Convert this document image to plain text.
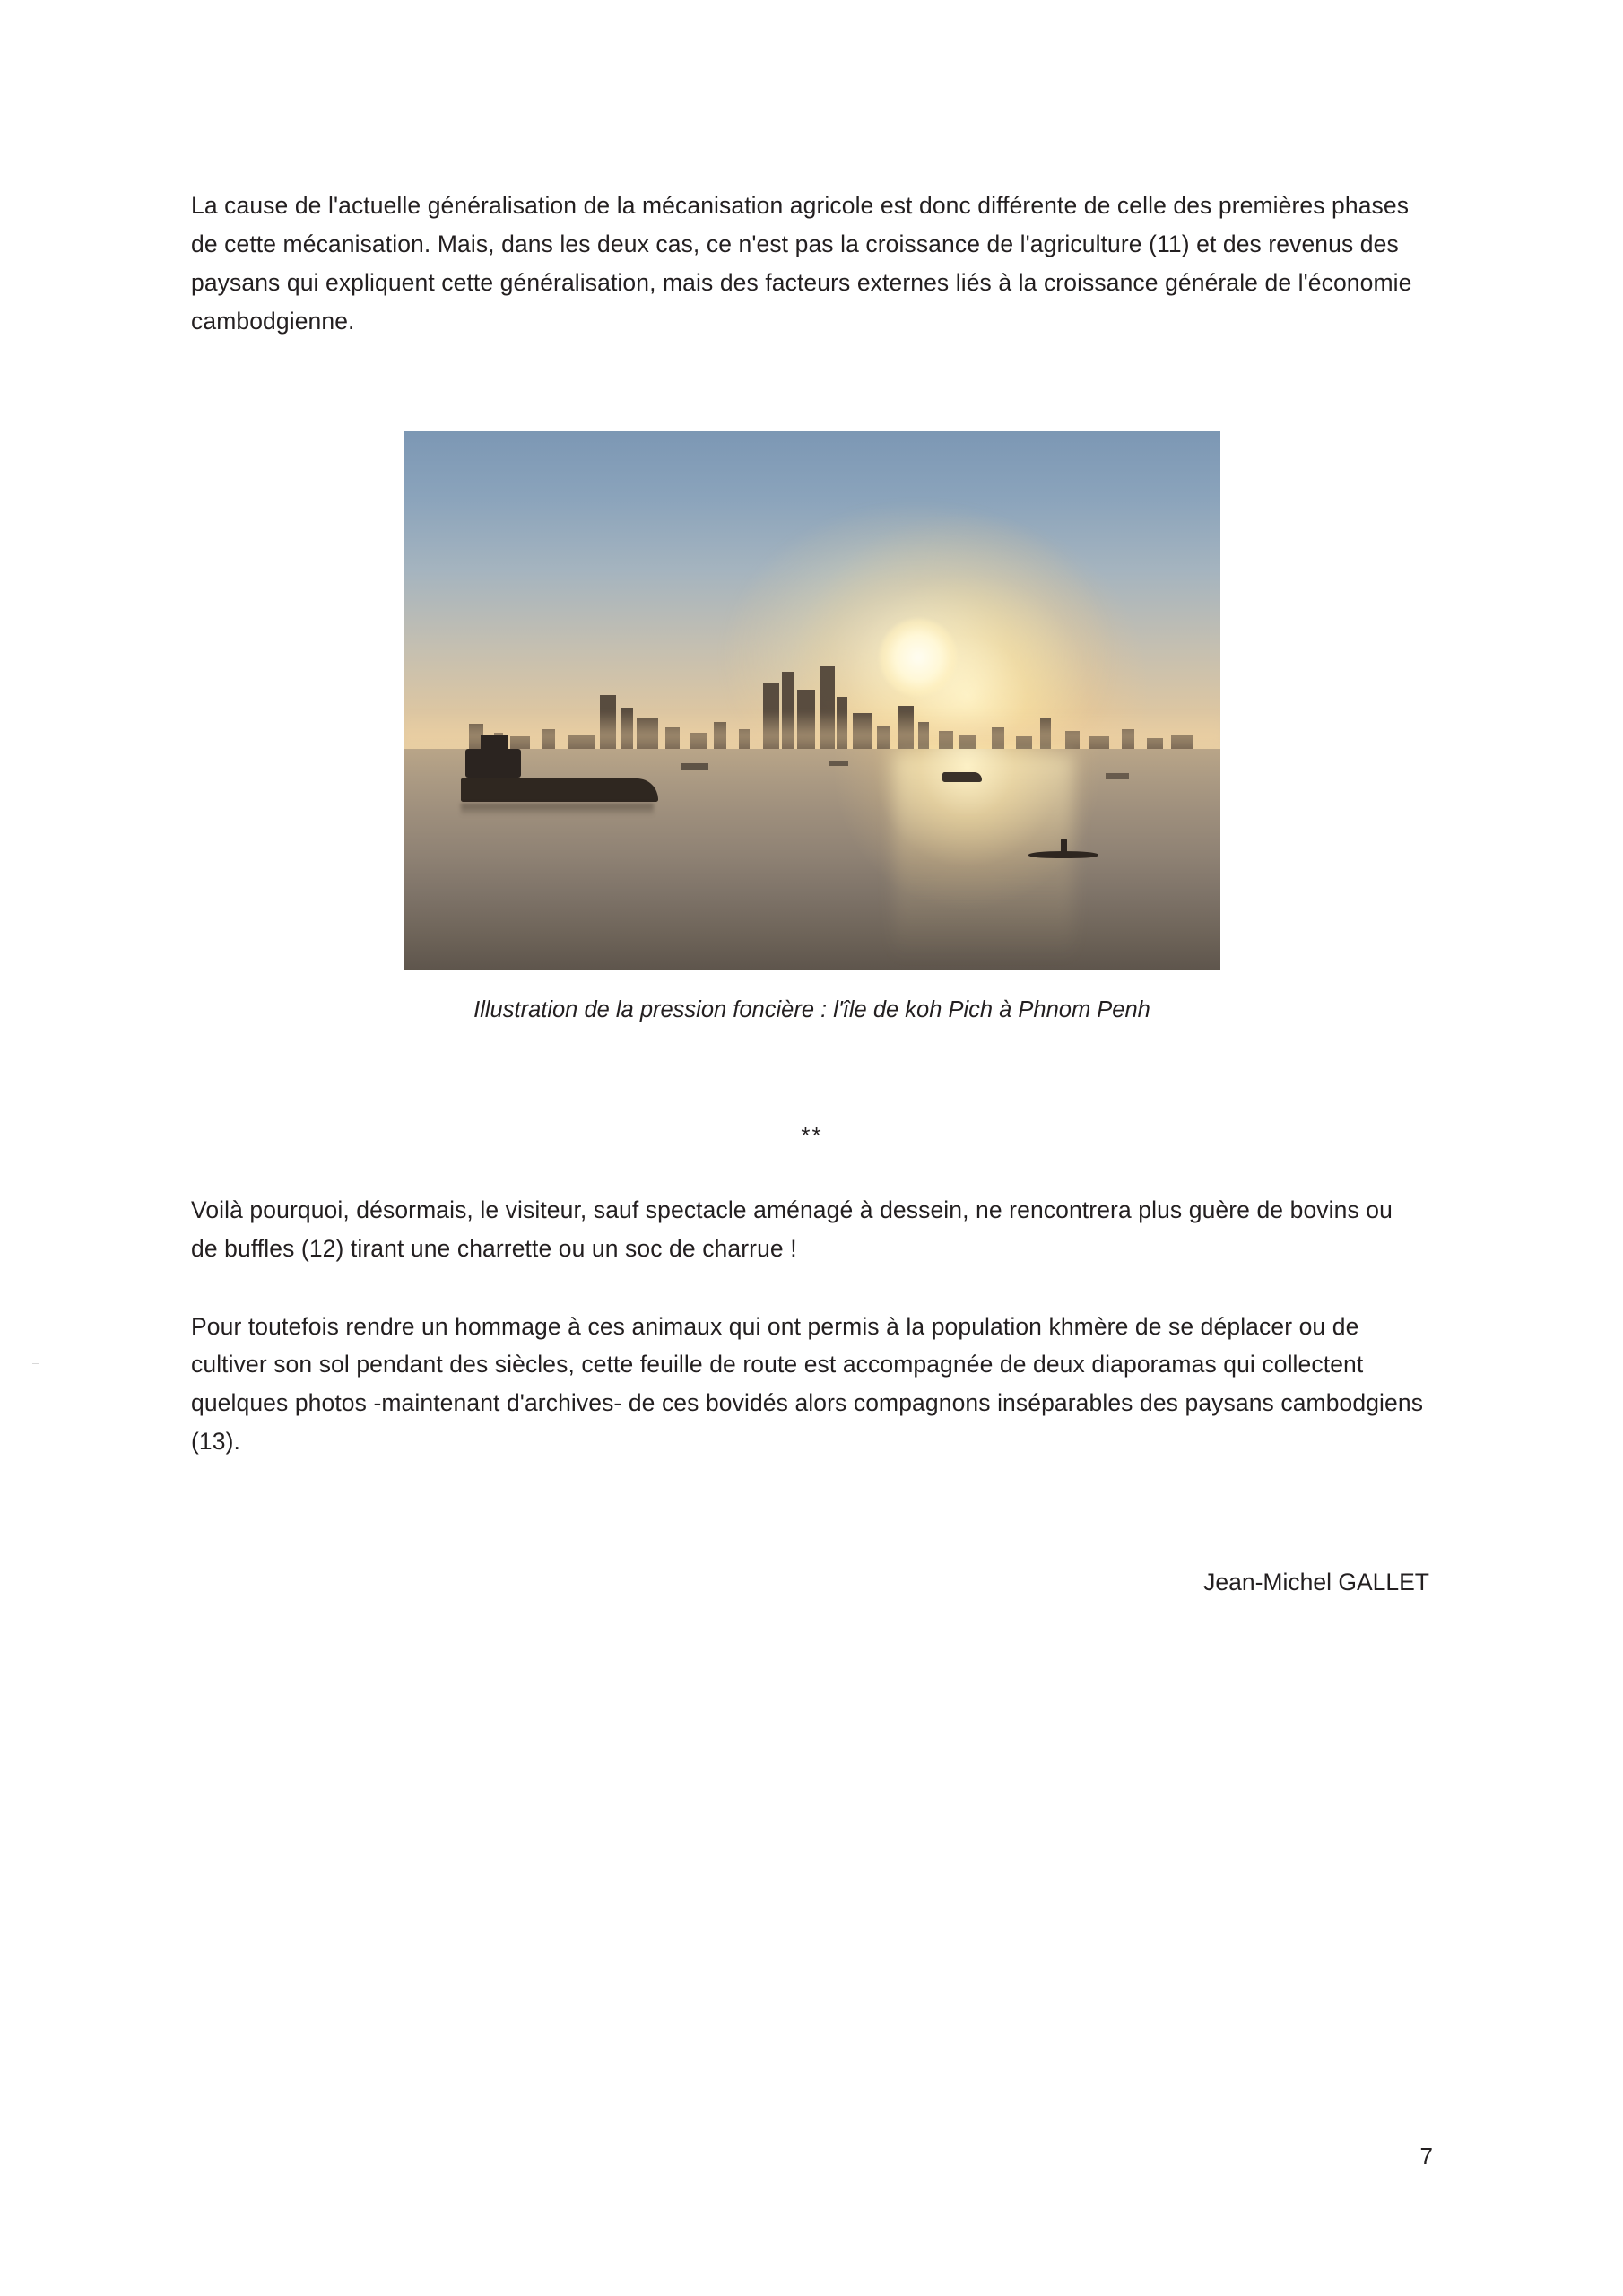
La cause de l'actuelle généralisation de la mécanisation agricole est donc différente de celle des premières phases de cette mécanisation. Mais, dans les deux cas, ce n'est pas la croissance de l'agriculture (11) et des revenus des paysans qui expliquent cette généralisation, mais des facteurs externes liés à la croissance générale de l'économie cambodgienne.

Illustration de la pression foncière : l'île de koh Pich à Phnom Penh
**

Voilà pourquoi, désormais, le visiteur, sauf spectacle aménagé à dessein, ne rencontrera plus guère de bovins ou de buffles (12) tirant une charrette ou un soc de charrue !

Pour toutefois rendre un hommage à ces animaux qui ont permis à la population khmère de se déplacer ou de cultiver son sol pendant des siècles, cette feuille de route est accompagnée de deux diaporamas qui collectent quelques photos -maintenant d'archives- de ces bovidés alors compagnons inséparables des paysans cambodgiens (13).

Jean-Michel GALLET
7
